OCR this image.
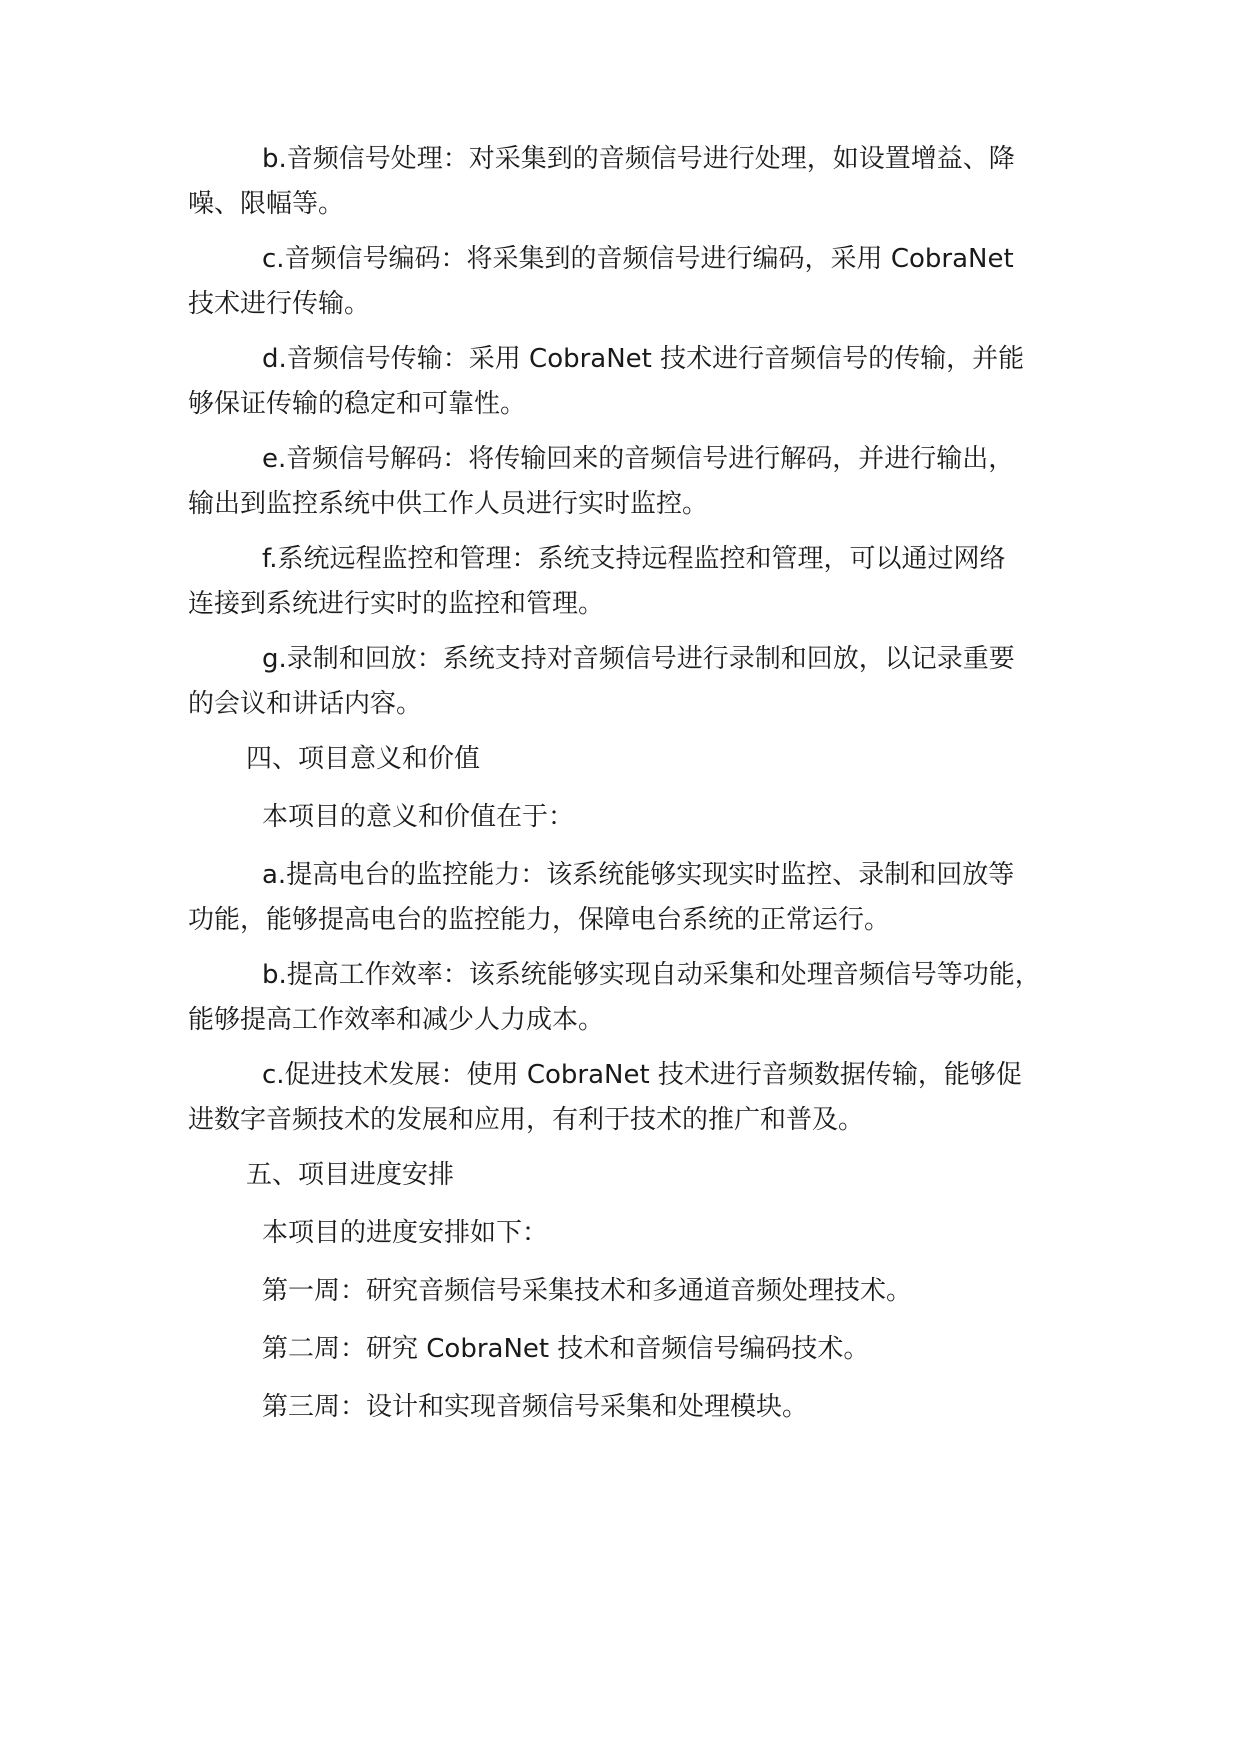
b.音频信号处理：对采集到的音频信号进行处理，如设置增益、降
噪、限幅等。
c.音频信号编码：将采集到的音频信号进行编码，采用 CobraNet
技术进行传输。
d.音频信号传输：采用 CobraNet 技术进行音频信号的传输，并能
够保证传输的稳定和可靠性。
e.音频信号解码：将传输回来的音频信号进行解码，并进行输出，
输出到监控系统中供工作人员进行实时监控。
f.系统远程监控和管理：系统支持远程监控和管理，可以通过网络
连接到系统进行实时的监控和管理。
g.录制和回放：系统支持对音频信号进行录制和回放，以记录重要
的会议和讲话内容。
四、项目意义和价值
本项目的意义和价值在于：
a.提高电台的监控能力：该系统能够实现实时监控、录制和回放等
功能，能够提高电台的监控能力，保障电台系统的正常运行。
b.提高工作效率：该系统能够实现自动采集和处理音频信号等功能，
能够提高工作效率和减少人力成本。
c.促进技术发展：使用 CobraNet 技术进行音频数据传输，能够促
进数字音频技术的发展和应用，有利于技术的推广和普及。
五、项目进度安排
本项目的进度安排如下：
第一周：研究音频信号采集技术和多通道音频处理技术。
第二周：研究 CobraNet 技术和音频信号编码技术。
第三周：设计和实现音频信号采集和处理模块。
